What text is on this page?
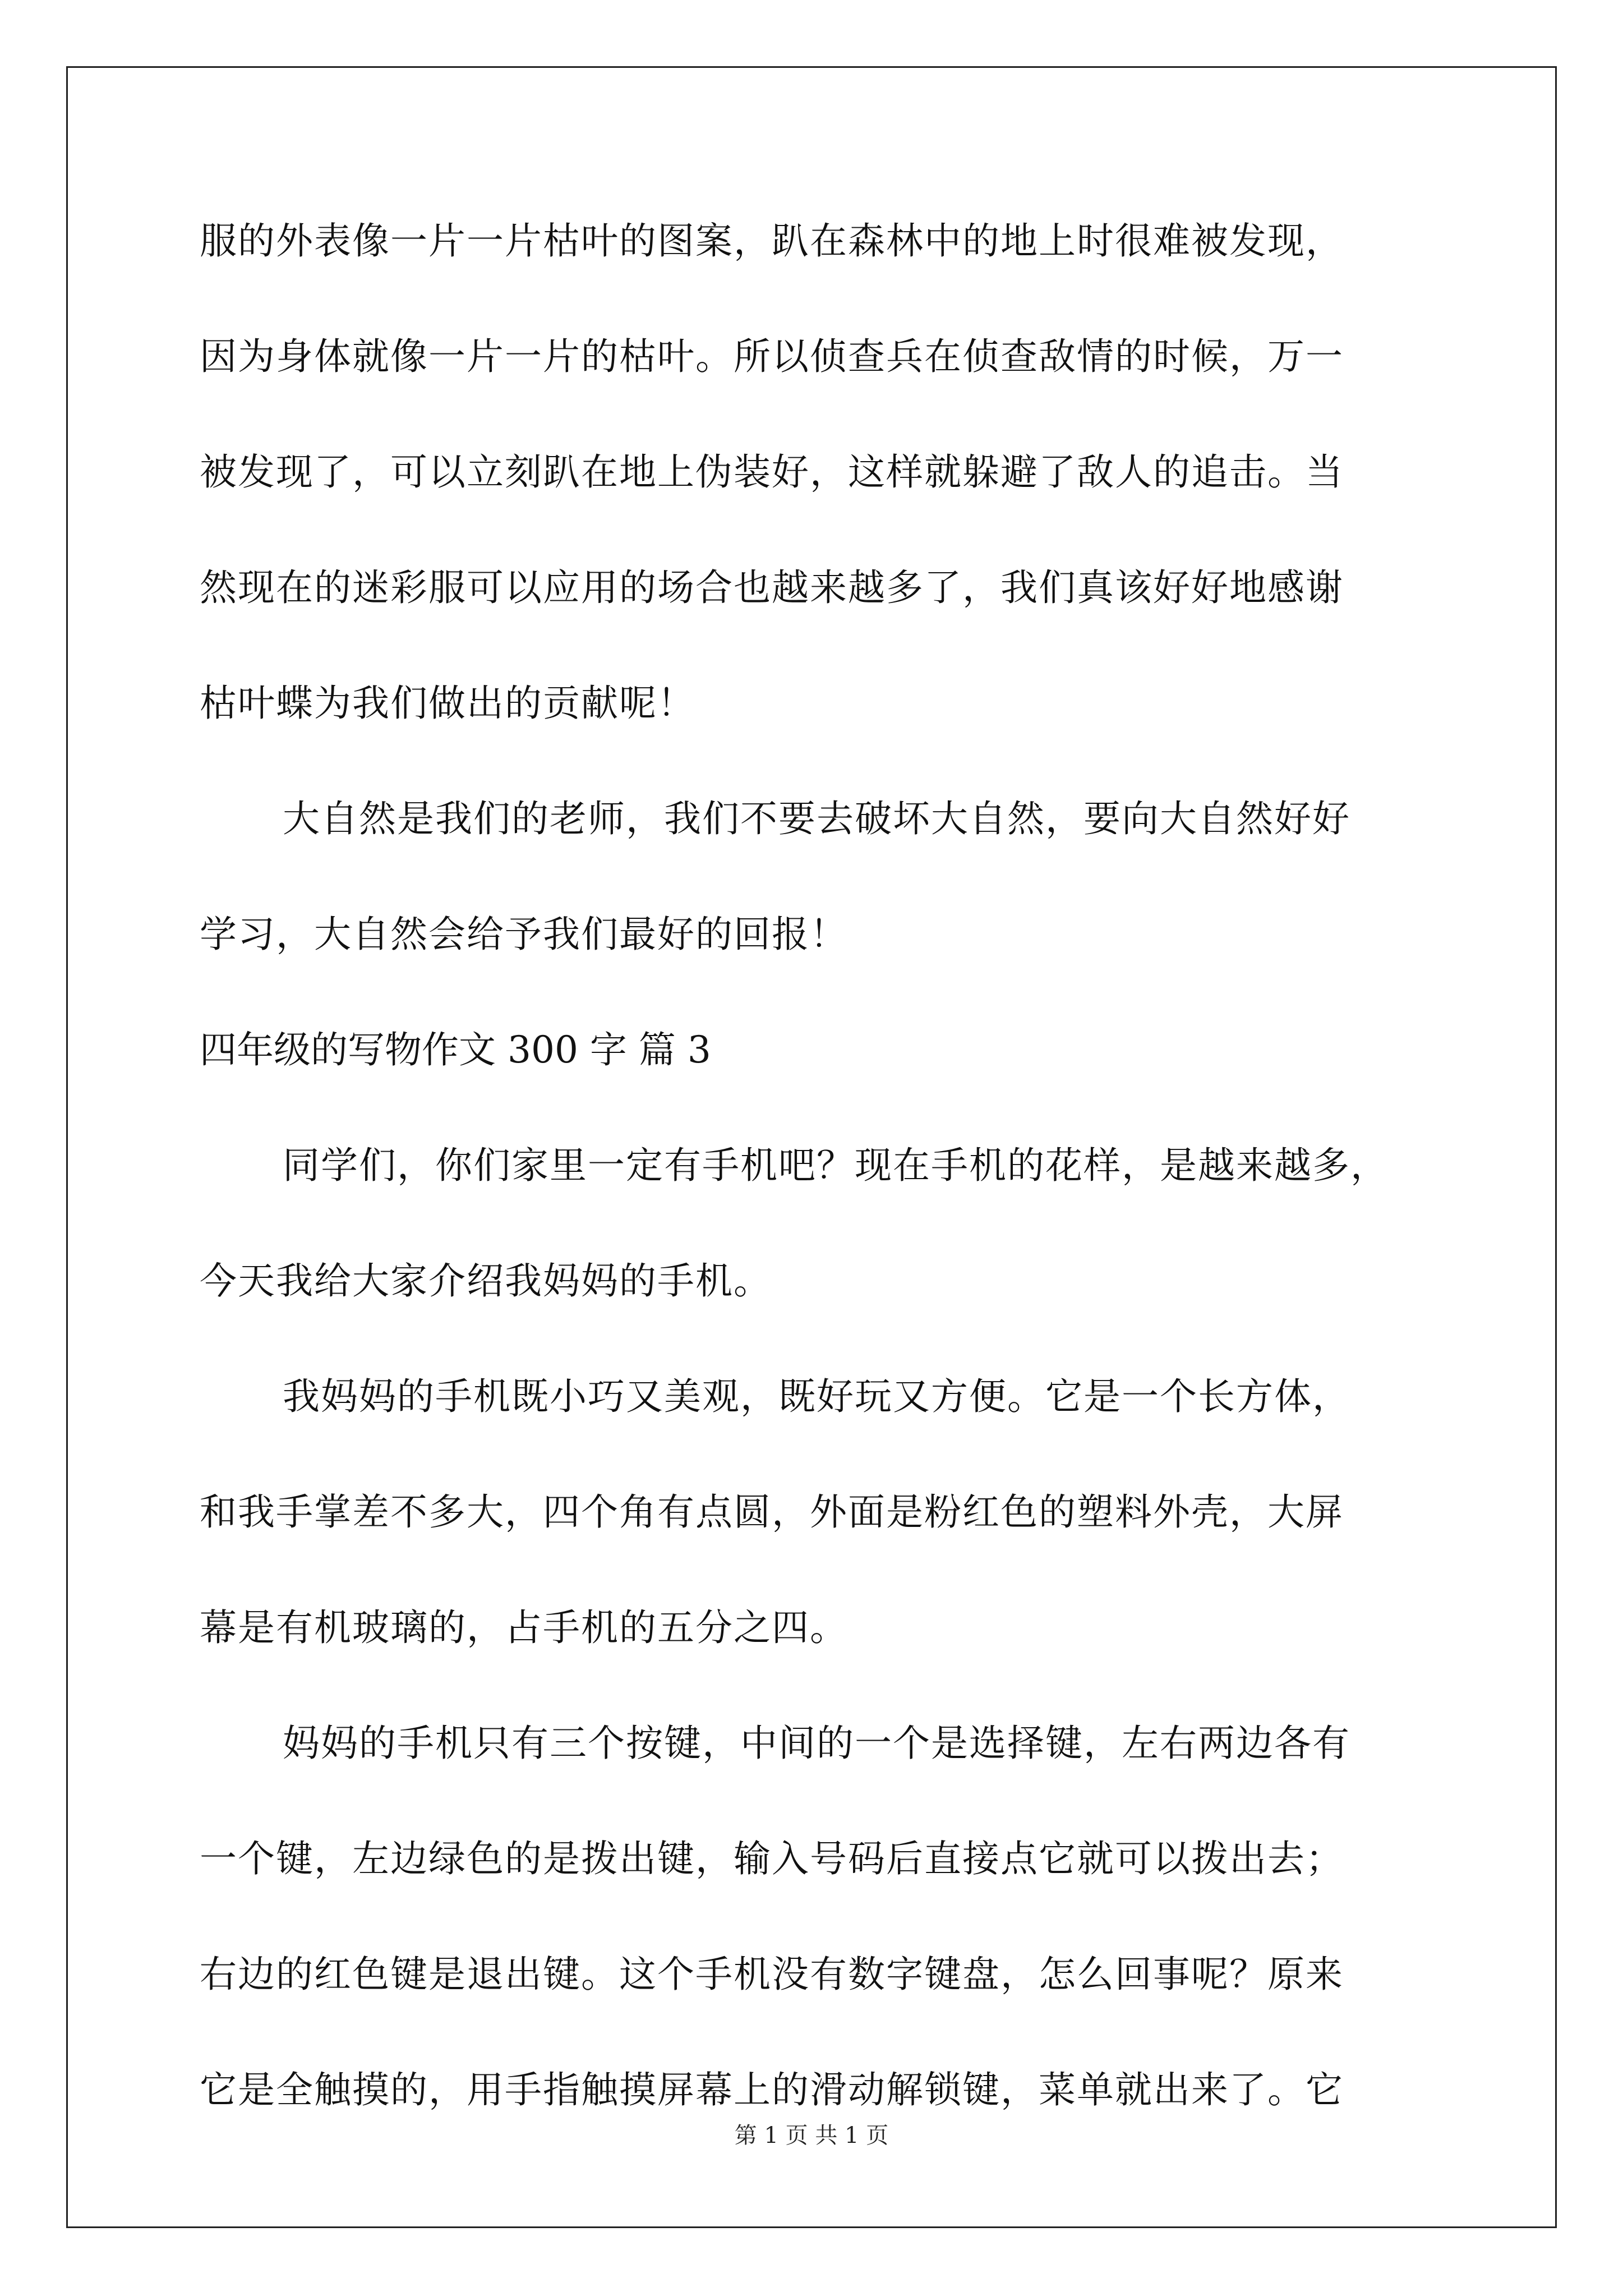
服的外表像一片一片枯叶的图案，趴在森林中的地上时很难被发现，
因为身体就像一片一片的枯叶。所以侦查兵在侦查敌情的时候，万一
被发现了，可以立刻趴在地上伪装好，这样就躲避了敌人的追击。当
然现在的迷彩服可以应用的场合也越来越多了，我们真该好好地感谢
枯叶蝶为我们做出的贡献呢！
大自然是我们的老师，我们不要去破坏大自然，要向大自然好好
学习，大自然会给予我们最好的回报！
四年级的写物作文 300 字 篇 3
同学们，你们家里一定有手机吧？现在手机的花样，是越来越多，
今天我给大家介绍我妈妈的手机。
我妈妈的手机既小巧又美观，既好玩又方便。它是一个长方体，
和我手掌差不多大，四个角有点圆，外面是粉红色的塑料外壳，大屏
幕是有机玻璃的，占手机的五分之四。
妈妈的手机只有三个按键，中间的一个是选择键，左右两边各有
一个键，左边绿色的是拨出键，输入号码后直接点它就可以拨出去；
右边的红色键是退出键。这个手机没有数字键盘，怎么回事呢？原来
它是全触摸的，用手指触摸屏幕上的滑动解锁键，菜单就出来了。它
第 1 页 共 1 页
